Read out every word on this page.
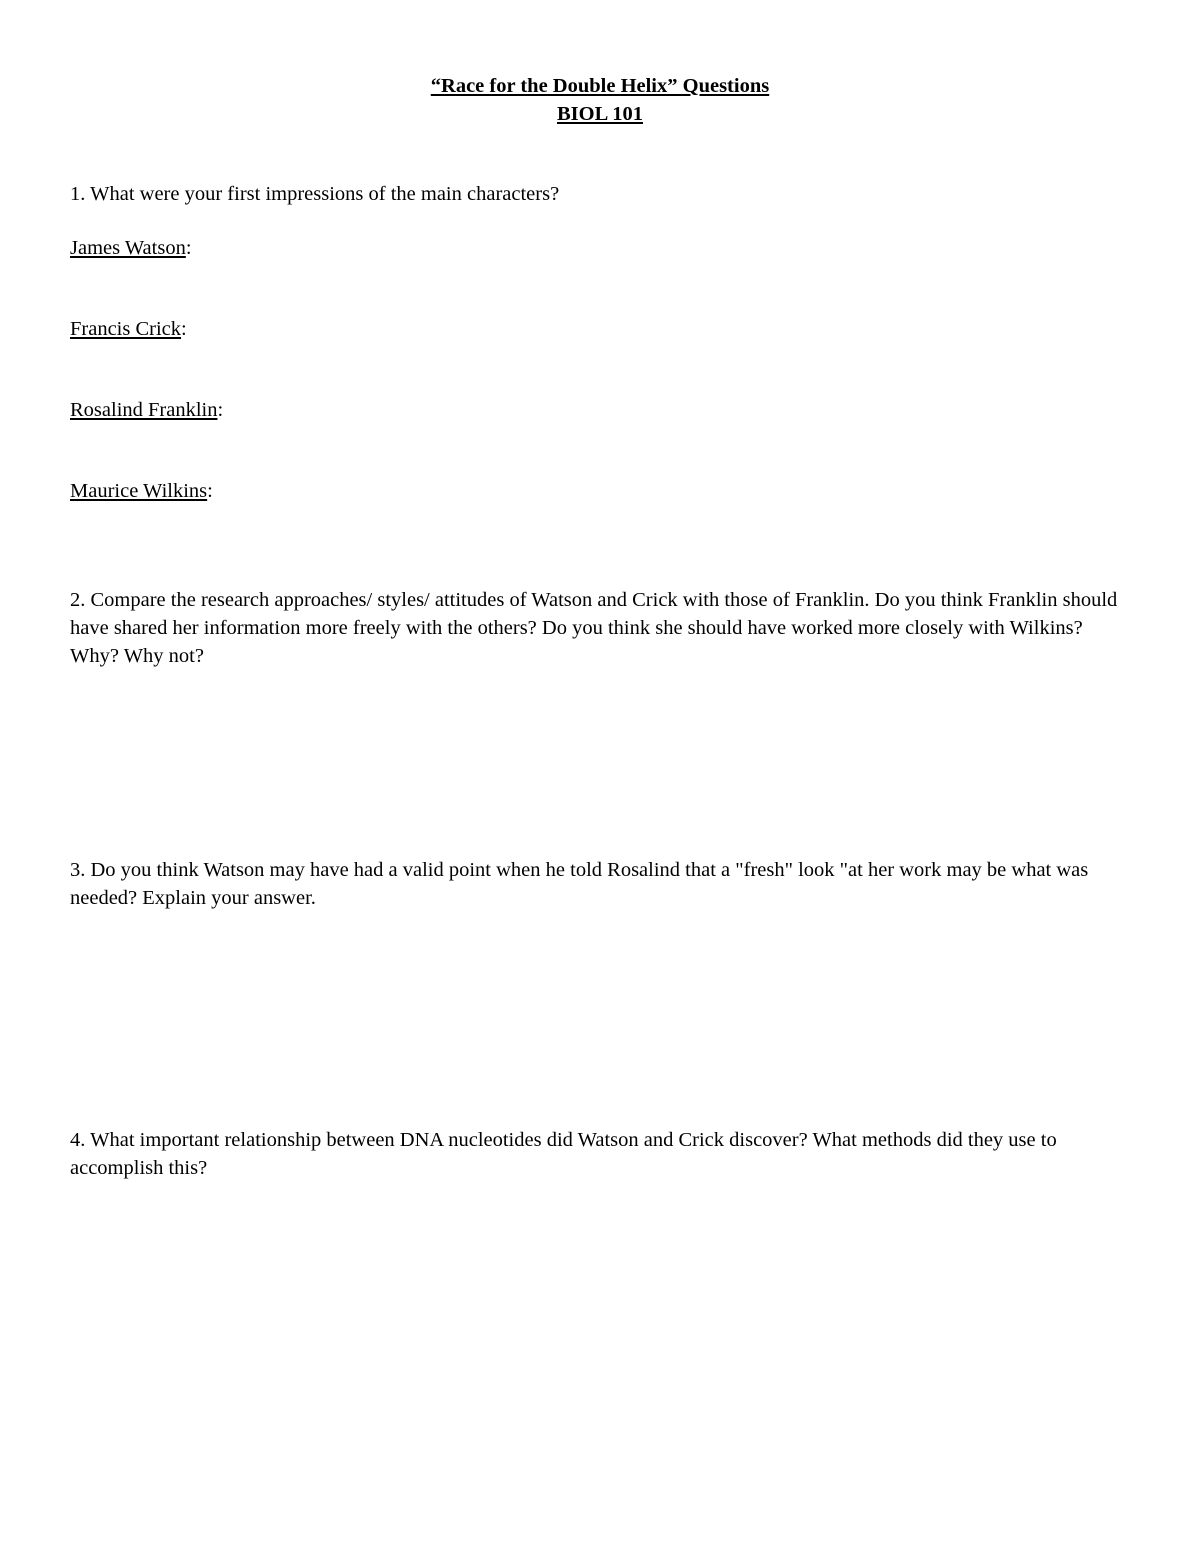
“Race for the Double Helix” Questions
BIOL 101
1. What were your first impressions of the main characters?
James Watson:
Francis Crick:
Rosalind Franklin:
Maurice Wilkins:
2. Compare the research approaches/ styles/ attitudes of Watson and Crick with those of Franklin. Do you think Franklin should have shared her information more freely with the others? Do you think she should have worked more closely with Wilkins? Why? Why not?
3. Do you think Watson may have had a valid point when he told Rosalind that a "fresh" look "at her work may be what was needed? Explain your answer.
4. What important relationship between DNA nucleotides did Watson and Crick discover? What methods did they use to accomplish this?
